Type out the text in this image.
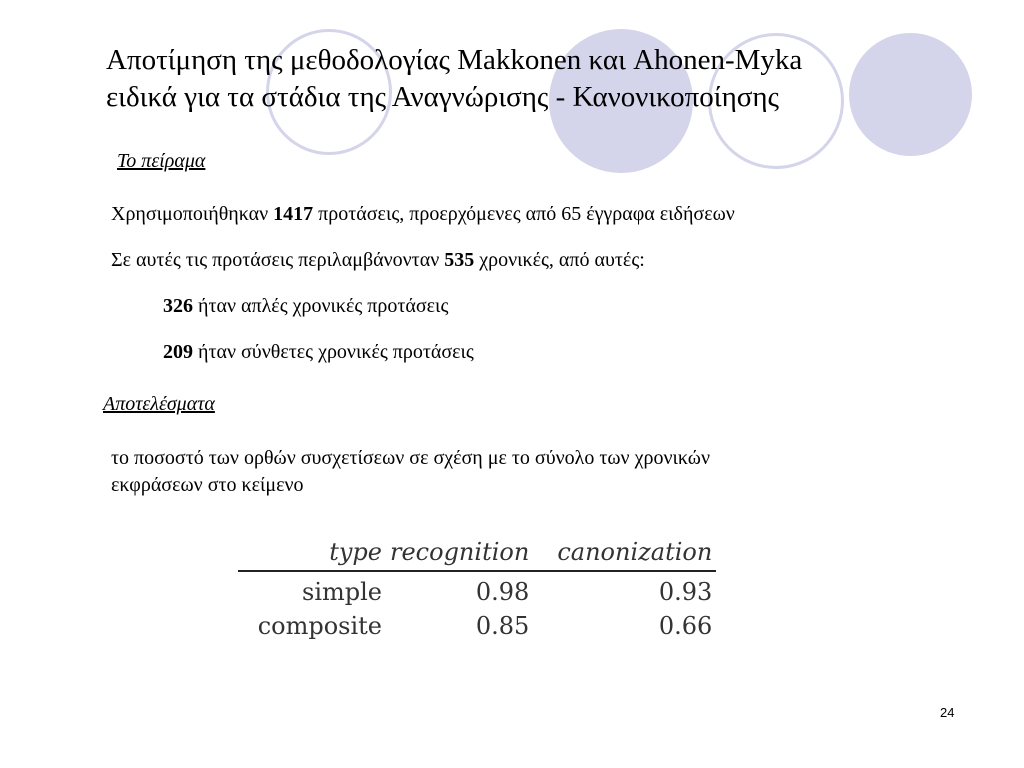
Αποτίμηση της μεθοδολογίας Makkonen και Ahonen-Myka
ειδικά για τα στάδια της Αναγνώρισης - Κανονικοποίησης
Το πείραμα
Χρησιμοποιήθηκαν 1417 προτάσεις, προερχόμενες από 65 έγγραφα ειδήσεων
Σε αυτές τις προτάσεις περιλαμβάνονταν 535 χρονικές, από αυτές:
326 ήταν απλές χρονικές προτάσεις
209 ήταν σύνθετες χρονικές προτάσεις
Αποτελέσματα
το ποσοστό των ορθών συσχετίσεων σε σχέση με το σύνολο των χρονικών
εκφράσεων στο κείμενο
type	recognition	canonization
simple	0.98	0.93
composite	0.85	0.66
24
